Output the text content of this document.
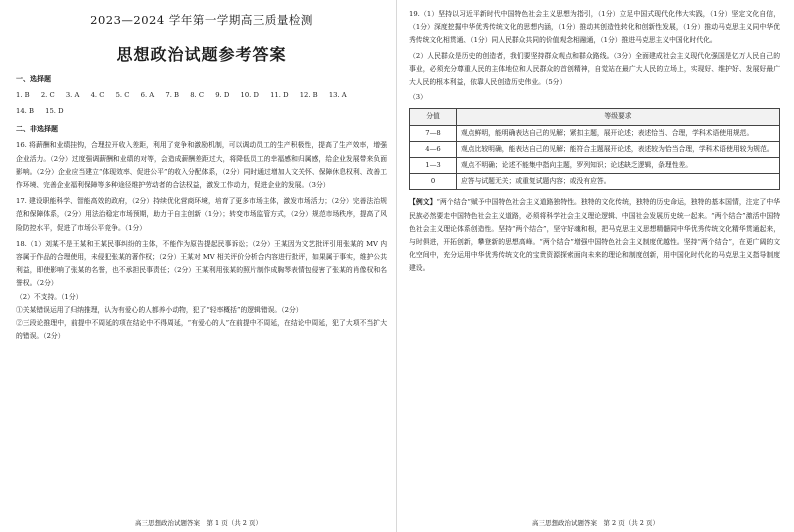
2023—2024 学年第一学期高三质量检测
思想政治试题参考答案
一、选择题
1. B 2. C 3. A 4. C 5. C 6. A 7. B 8. C 9. D 10. D 11. D 12. B 13. A
14. B 15. D
二、非选择题

16. 将薪酬和业绩挂钩，合理拉开收入差距，利用了竞争和激励机制，可以调动员工的生产积极性，提高了生产效率，增强企业活力。（2分）过度强调薪酬和业绩的对等，会造成薪酬差距过大，将降低员工的幸福感和归属感，给企业发展带来负面影响。（2分）企业应当建立“体现效率、促进公平”的收入分配体系，（2分）同时通过增加人文关怀、保障休息权利、改善工作环境、完善企业福利保障等多种途径维护劳动者的合法权益，激发工作动力，促进企业的发展。（3分）

17. 建设职能科学、智能高效的政府，（2分）持续优化营商环境，培育了更多市场主体，激发市场活力；（2分）完善法治规范和保障体系，（2分）用法治稳定市场预期，助力于自主创新（1分）；转变市场监管方式，（2分）规范市场秩序，提高了风险防控水平，促进了市场公平竞争。（1分）

18.（1）刘某不是王某和王某民事纠纷的主体，不能作为原告提起民事诉讼；（2分）王某因为文艺批评引用张某的 MV 内容属于作品的合理使用，未侵犯张某的著作权；（2分）王某对 MV 相关评价分析合内容进行批评，如果属于事实，维护公共利益，即使影响了张某的名誉，也不承担民事责任；（2分）王某利用张某的照片制作成胸琴表情包侵害了张某的肖像权和名誉权。（2分）

（2）不支持。（1分）

①关某错误运用了归纳推理，认为有爱心的人都养小动物，犯了“轻率概括”的逻辑错误。（2分）

②三段论推理中，前提中不周延的项在结论中不得周延，“有爱心的人”在前提中不周延，在结论中周延，犯了大项不当扩大的错误。（2分）

高三思想政治试题答案　第 1 页（共 2 页）

19.（1）坚持以习近平新时代中国特色社会主义思想为指引，（1分）立足中国式现代化伟大实践，（1分）坚定文化自信，（1分）深度挖掘中华优秀传统文化的思想内涵，（1分）推动其创造性转化和创新性发展，（1分）推动马克思主义同中华优秀传统文化相贯通、（1分）同人民群众共同的价值观念相融通，（1分）推进马克思主义中国化时代化。

（2）人民群众是历史的创造者，我们要坚持群众观点和群众路线。（3分）全面建成社会主义现代化强国是亿万人民自己的事业，必须充分尊重人民的主体地位和人民群众的首创精神，自觉站在最广大人民的立场上，实现好、维护好、发展好最广大人民的根本利益，依靠人民创造历史伟业。（5分）

（3）

分值	等级要求
7—8	观点鲜明，能明确表达自己的见解；紧扣主题，展开论述；表述恰当、合理，学科术语使用规范。
4—6	观点比较明确，能表达自己的见解；能符合主题展开论述，表述较为恰当合理，学科术语使用较为规范。
1—3	观点不明确；论述不能集中指向主题，罗列知识；论述缺乏逻辑，条理性差。
0	应答与试题无关；或重复试题内容；或没有应答。

【例文】“两个结合”赋予中国特色社会主义道路独特性。独特的文化传统，独特的历史命运，独特的基本国情，注定了中华民族必然要走中国特色社会主义道路，必须将科学社会主义理论逻辑、中国社会发展历史统一起来。“两个结合”激活中国特色社会主义理论体系创造性。坚持“两个结合”，坚守好魂和根，把马克思主义思想精髓同中华优秀传统文化精华贯通起来，与时俱进，开拓创新，攀登新的思想高峰。“两个结合”增强中国特色社会主义制度优越性。坚持“两个结合”，在更广阔的文化空间中，充分运用中华优秀传统文化的宝贵资源探索面向未来的理论和制度创新，用中国化时代化的马克思主义指导制度建设。

高三思想政治试题答案　第 2 页（共 2 页）
